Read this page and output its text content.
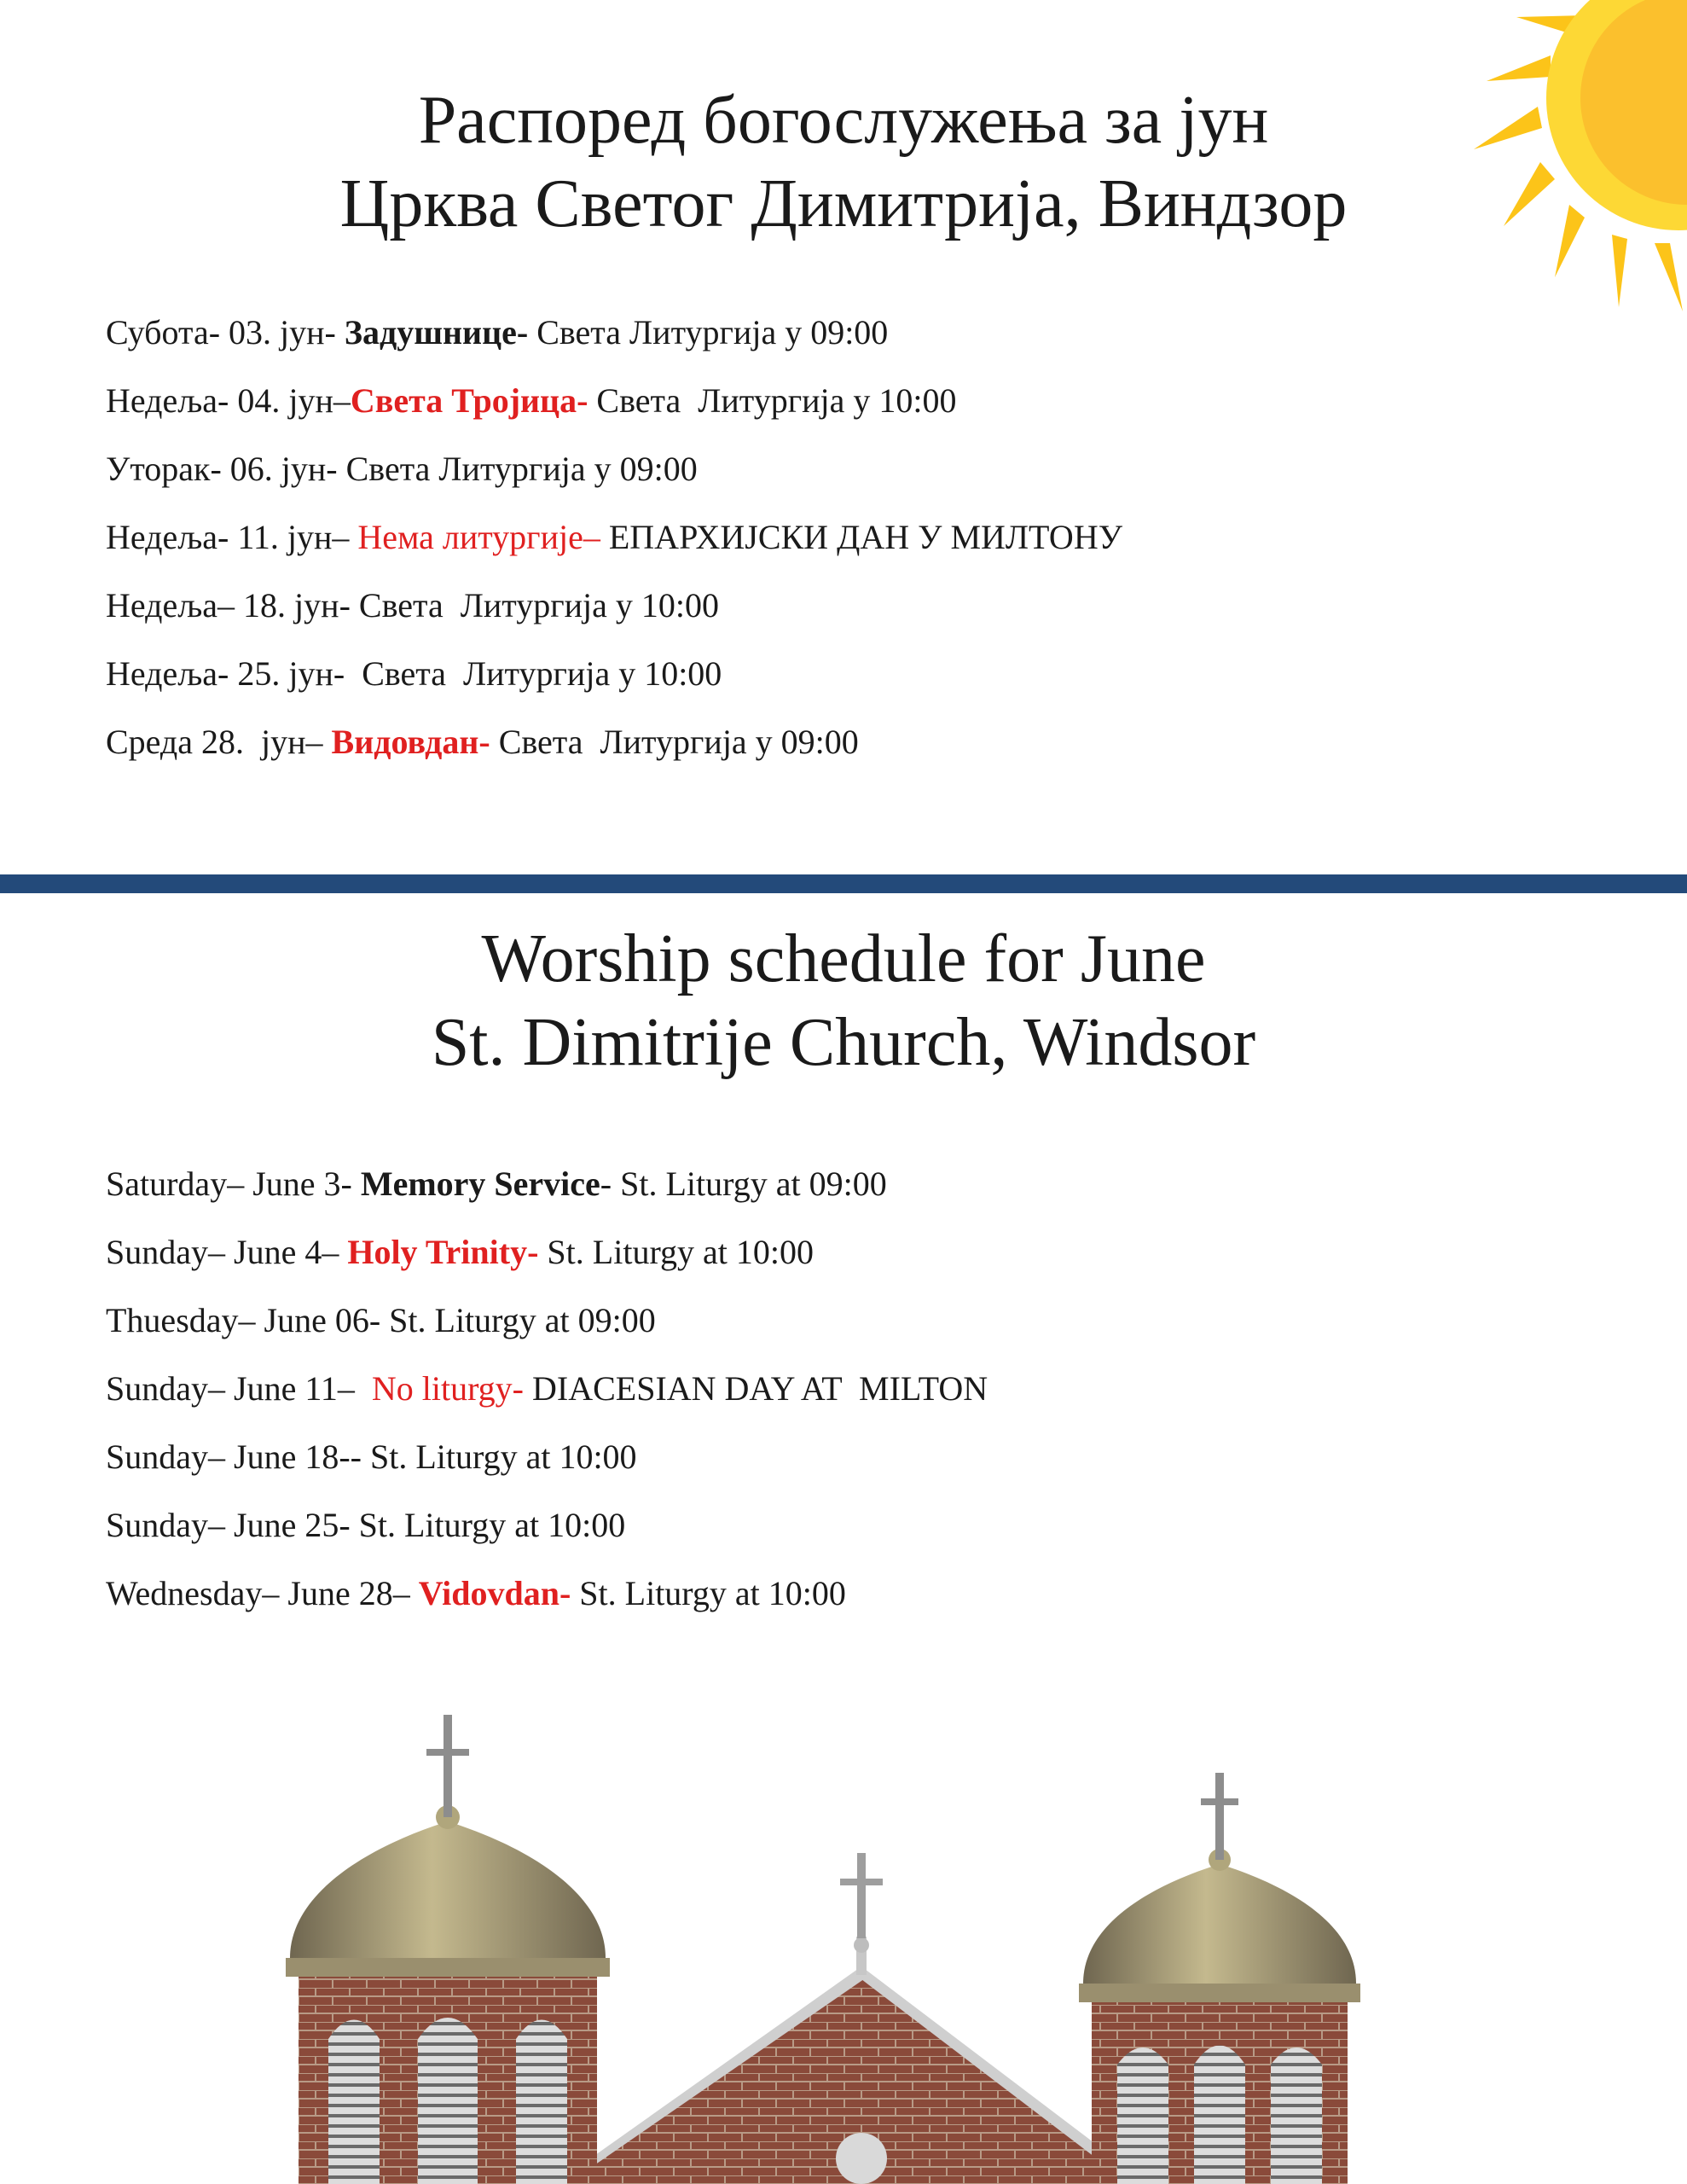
Распоред богослужења за јун
Црква Светог Димитрија, Виндзор
Субота- 03. јун- Задушнице- Света Литургија у 09:00
Недеља- 04. јун–Света Тројица- Света  Литургија у 10:00
Уторак- 06. јун- Света Литургија у 09:00
Недеља- 11. јун– Нема литургије– ЕПАРХИЈСКИ ДАН У МИЛТОНУ
Недеља– 18. јун- Света  Литургија у 10:00
Недеља- 25. јун-  Света  Литургија у 10:00
Среда 28.  јун– Видовдан- Света  Литургија у 09:00
Worship schedule for June
St. Dimitrije Church, Windsor
Saturday– June 3- Memory Service- St. Liturgy at 09:00
Sunday– June 4– Holy Trinity- St. Liturgy at 10:00
Thuesday– June 06- St. Liturgy at 09:00
Sunday– June 11–  No liturgy- DIACESIAN DAY AT  MILTON
Sunday– June 18-- St. Liturgy at 10:00
Sunday– June 25- St. Liturgy at 10:00
Wednesday– June 28– Vidovdan- St. Liturgy at 10:00
